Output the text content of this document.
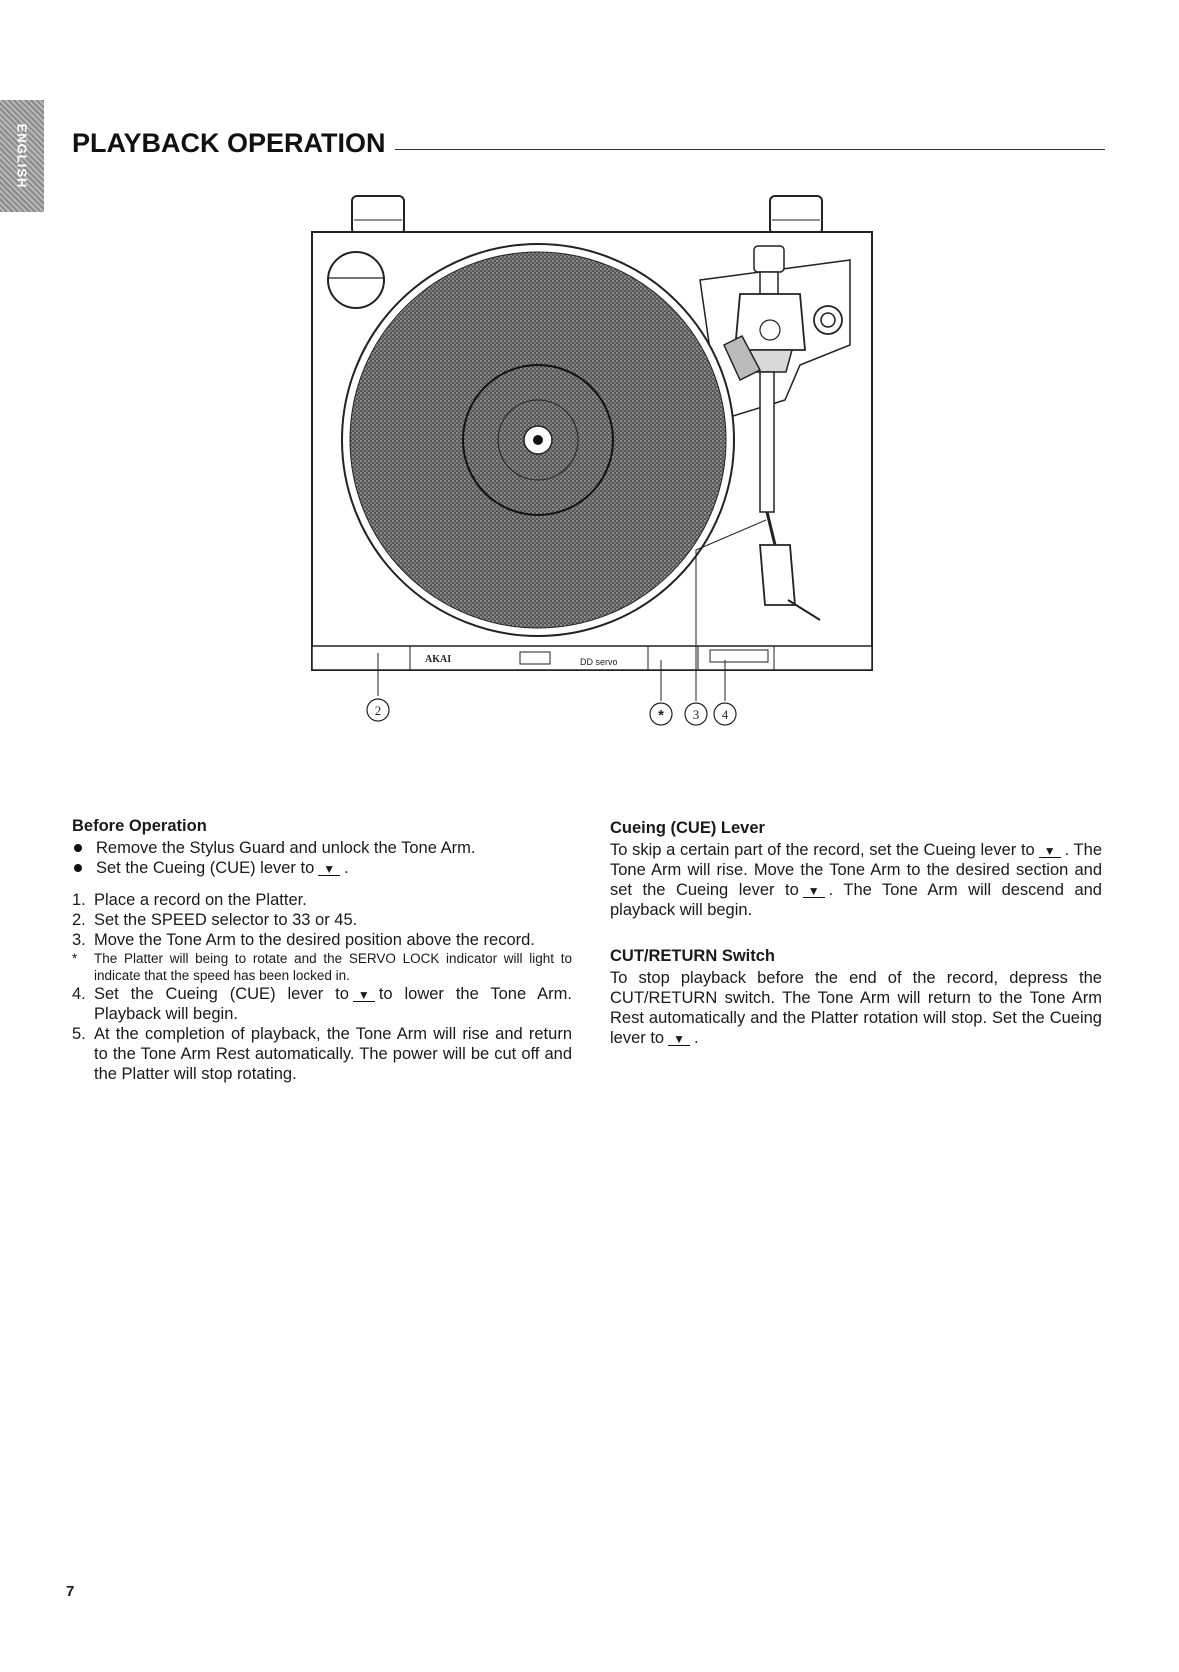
ENGLISH PLAYBACK OPERATION
AKAI	DD servo
2	* 3 4
Before Operation
Remove the Stylus Guard and unlock the Tone Arm.
Set the Cueing (CUE) lever to ▼ .
1. Place a record on the Platter.

2. Set the SPEED selector to 33 or 45.

3. Move the Tone Arm to the desired position above the record.

* The Platter will being to rotate and the SERVO LOCK indicator will light to indicate that the speed has been locked in.

4. Set the Cueing (CUE) lever to ▼ to lower the Tone Arm. Playback will begin.

5. At the completion of playback, the Tone Arm will rise and return to the Tone Arm Rest automatically. The power will be cut off and the Platter will stop rotating.

Cueing (CUE) Lever

To skip a certain part of the record, set the Cueing lever to ▼ . The Tone Arm will rise. Move the Tone Arm to the desired section and set the Cueing lever to ▼ . The Tone Arm will descend and playback will begin.

CUT/RETURN Switch

To stop playback before the end of the record, depress the CUT/RETURN switch. The Tone Arm will return to the Tone Arm Rest automatically and the Platter rotation will stop. Set the Cueing lever to ▼ .

7
